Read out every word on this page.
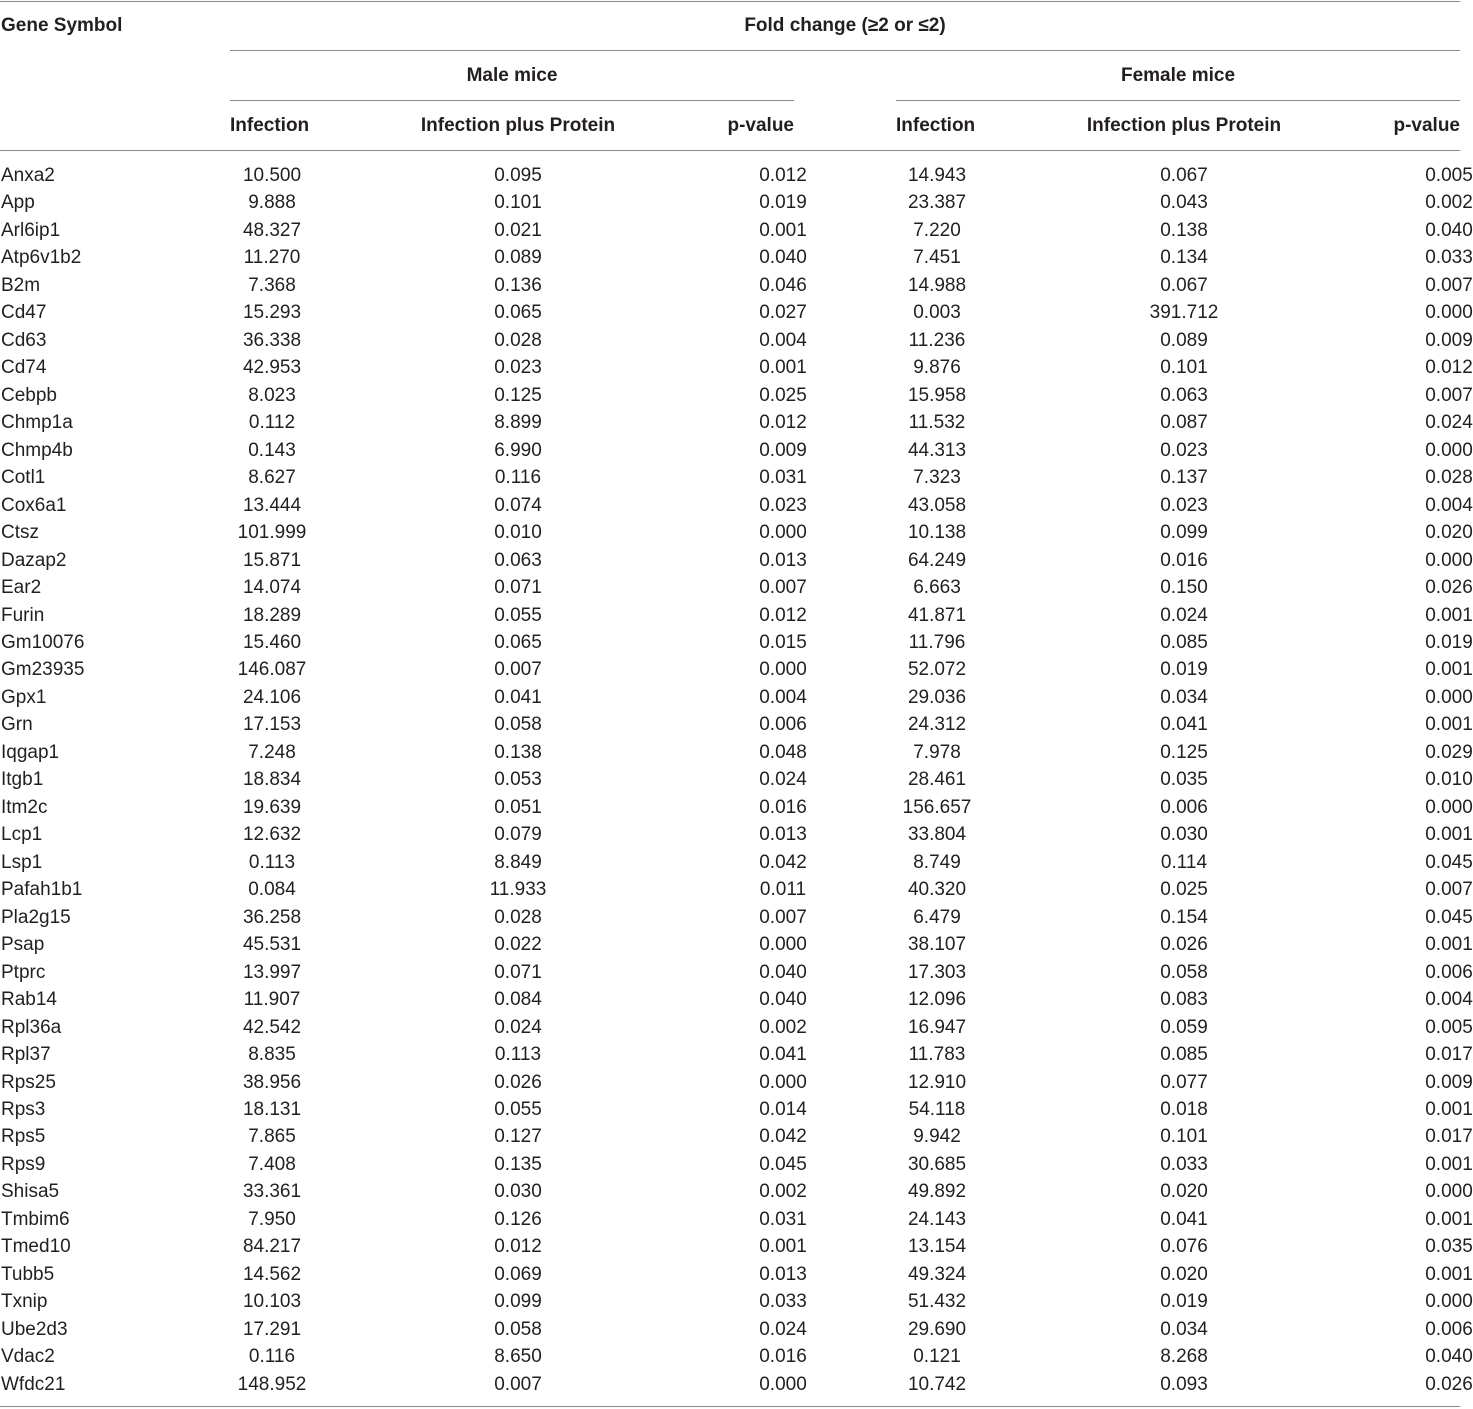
Gene Symbol	Fold change (≥2 or ≤2)
Male mice	Female mice
Infection	Infection plus Protein	p-value	Infection	Infection plus Protein	p-value
Anxa2	10.500	0.095	0.012	14.943	0.067	0.005
App	9.888	0.101	0.019	23.387	0.043	0.002
Arl6ip1	48.327	0.021	0.001	7.220	0.138	0.040
Atp6v1b2	11.270	0.089	0.040	7.451	0.134	0.033
B2m	7.368	0.136	0.046	14.988	0.067	0.007
Cd47	15.293	0.065	0.027	0.003	391.712	0.000
Cd63	36.338	0.028	0.004	11.236	0.089	0.009
Cd74	42.953	0.023	0.001	9.876	0.101	0.012
Cebpb	8.023	0.125	0.025	15.958	0.063	0.007
Chmp1a	0.112	8.899	0.012	11.532	0.087	0.024
Chmp4b	0.143	6.990	0.009	44.313	0.023	0.000
Cotl1	8.627	0.116	0.031	7.323	0.137	0.028
Cox6a1	13.444	0.074	0.023	43.058	0.023	0.004
Ctsz	101.999	0.010	0.000	10.138	0.099	0.020
Dazap2	15.871	0.063	0.013	64.249	0.016	0.000
Ear2	14.074	0.071	0.007	6.663	0.150	0.026
Furin	18.289	0.055	0.012	41.871	0.024	0.001
Gm10076	15.460	0.065	0.015	11.796	0.085	0.019
Gm23935	146.087	0.007	0.000	52.072	0.019	0.001
Gpx1	24.106	0.041	0.004	29.036	0.034	0.000
Grn	17.153	0.058	0.006	24.312	0.041	0.001
Iqgap1	7.248	0.138	0.048	7.978	0.125	0.029
Itgb1	18.834	0.053	0.024	28.461	0.035	0.010
Itm2c	19.639	0.051	0.016	156.657	0.006	0.000
Lcp1	12.632	0.079	0.013	33.804	0.030	0.001
Lsp1	0.113	8.849	0.042	8.749	0.114	0.045
Pafah1b1	0.084	11.933	0.011	40.320	0.025	0.007
Pla2g15	36.258	0.028	0.007	6.479	0.154	0.045
Psap	45.531	0.022	0.000	38.107	0.026	0.001
Ptprc	13.997	0.071	0.040	17.303	0.058	0.006
Rab14	11.907	0.084	0.040	12.096	0.083	0.004
Rpl36a	42.542	0.024	0.002	16.947	0.059	0.005
Rpl37	8.835	0.113	0.041	11.783	0.085	0.017
Rps25	38.956	0.026	0.000	12.910	0.077	0.009
Rps3	18.131	0.055	0.014	54.118	0.018	0.001
Rps5	7.865	0.127	0.042	9.942	0.101	0.017
Rps9	7.408	0.135	0.045	30.685	0.033	0.001
Shisa5	33.361	0.030	0.002	49.892	0.020	0.000
Tmbim6	7.950	0.126	0.031	24.143	0.041	0.001
Tmed10	84.217	0.012	0.001	13.154	0.076	0.035
Tubb5	14.562	0.069	0.013	49.324	0.020	0.001
Txnip	10.103	0.099	0.033	51.432	0.019	0.000
Ube2d3	17.291	0.058	0.024	29.690	0.034	0.006
Vdac2	0.116	8.650	0.016	0.121	8.268	0.040
Wfdc21	148.952	0.007	0.000	10.742	0.093	0.026
